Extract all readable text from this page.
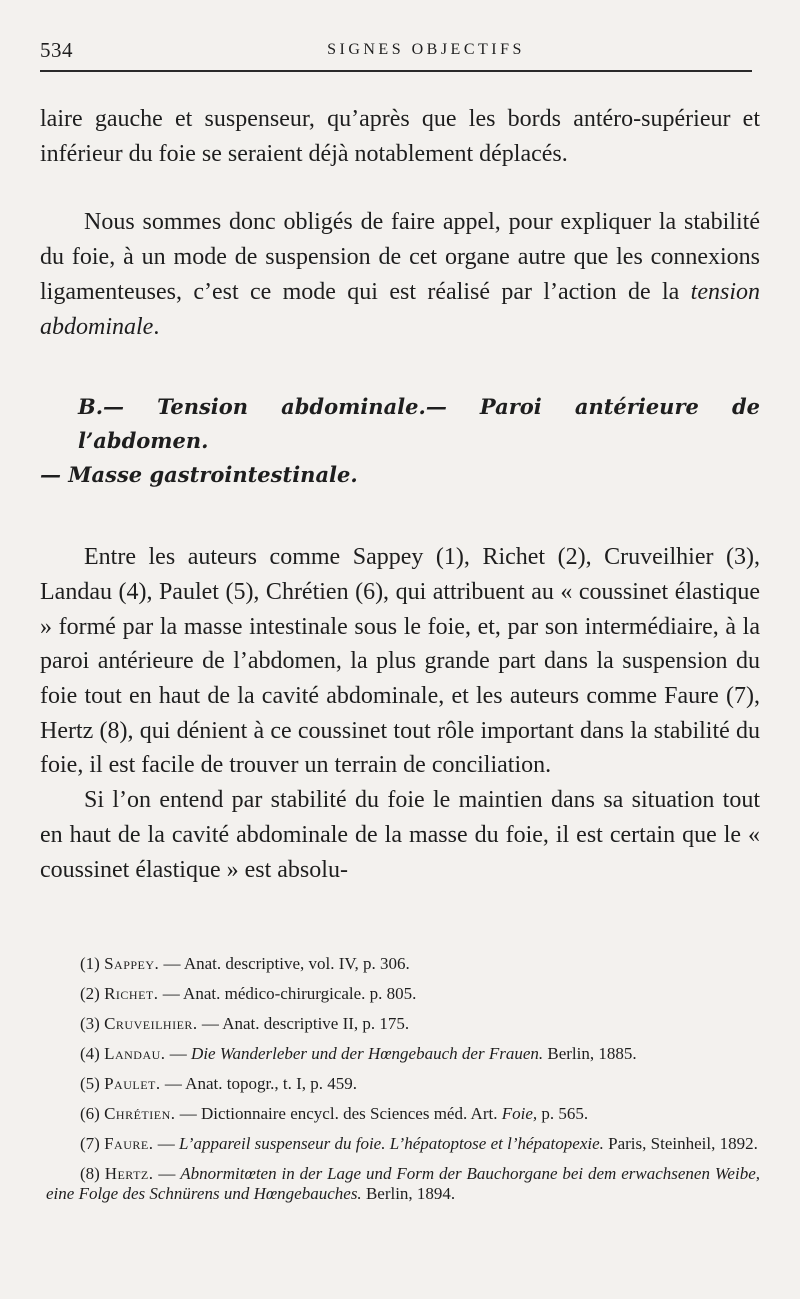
534	SIGNES OBJECTIFS

laire gauche et suspenseur, qu’après que les bords antéro-supérieur et inférieur du foie se seraient déjà notablement déplacés.

Nous sommes donc obligés de faire appel, pour expliquer la stabilité du foie, à un mode de suspension de cet organe autre que les connexions ligamenteuses, c’est ce mode qui est réalisé par l’action de la tension abdominale.

B.— Tension abdominale.— Paroi antérieure de l’abdomen.
— Masse gastrointestinale.

Entre les auteurs comme Sappey (1), Richet (2), Cruveilhier (3), Landau (4), Paulet (5), Chrétien (6), qui attribuent au « coussinet élastique » formé par la masse intestinale sous le foie, et, par son intermédiaire, à la paroi antérieure de l’abdomen, la plus grande part dans la suspension du foie tout en haut de la cavité abdominale, et les auteurs comme Faure (7), Hertz (8), qui dénient à ce coussinet tout rôle important dans la stabilité du foie, il est facile de trouver un terrain de conciliation.

Si l’on entend par stabilité du foie le maintien dans sa situation tout en haut de la cavité abdominale de la masse du foie, il est certain que le « coussinet élastique » est absolu-

(1) Sappey. — Anat. descriptive, vol. IV, p. 306.

(2) Richet. — Anat. médico-chirurgicale. p. 805.

(3) Cruveilhier. — Anat. descriptive II, p. 175.

(4) Landau. — Die Wanderleber und der Hœngebauch der Frauen. Berlin, 1885.

(5) Paulet. — Anat. topogr., t. I, p. 459.

(6) Chrétien. — Dictionnaire encycl. des Sciences méd. Art. Foie, p. 565.

(7) Faure. — L’appareil suspenseur du foie. L’hépatoptose et l’hépatopexie. Paris, Steinheil, 1892.

(8) Hertz. — Abnormitœten in der Lage und Form der Bauchorgane bei dem erwachsenen Weibe, eine Folge des Schnürens und Hœngebauches. Berlin, 1894.
